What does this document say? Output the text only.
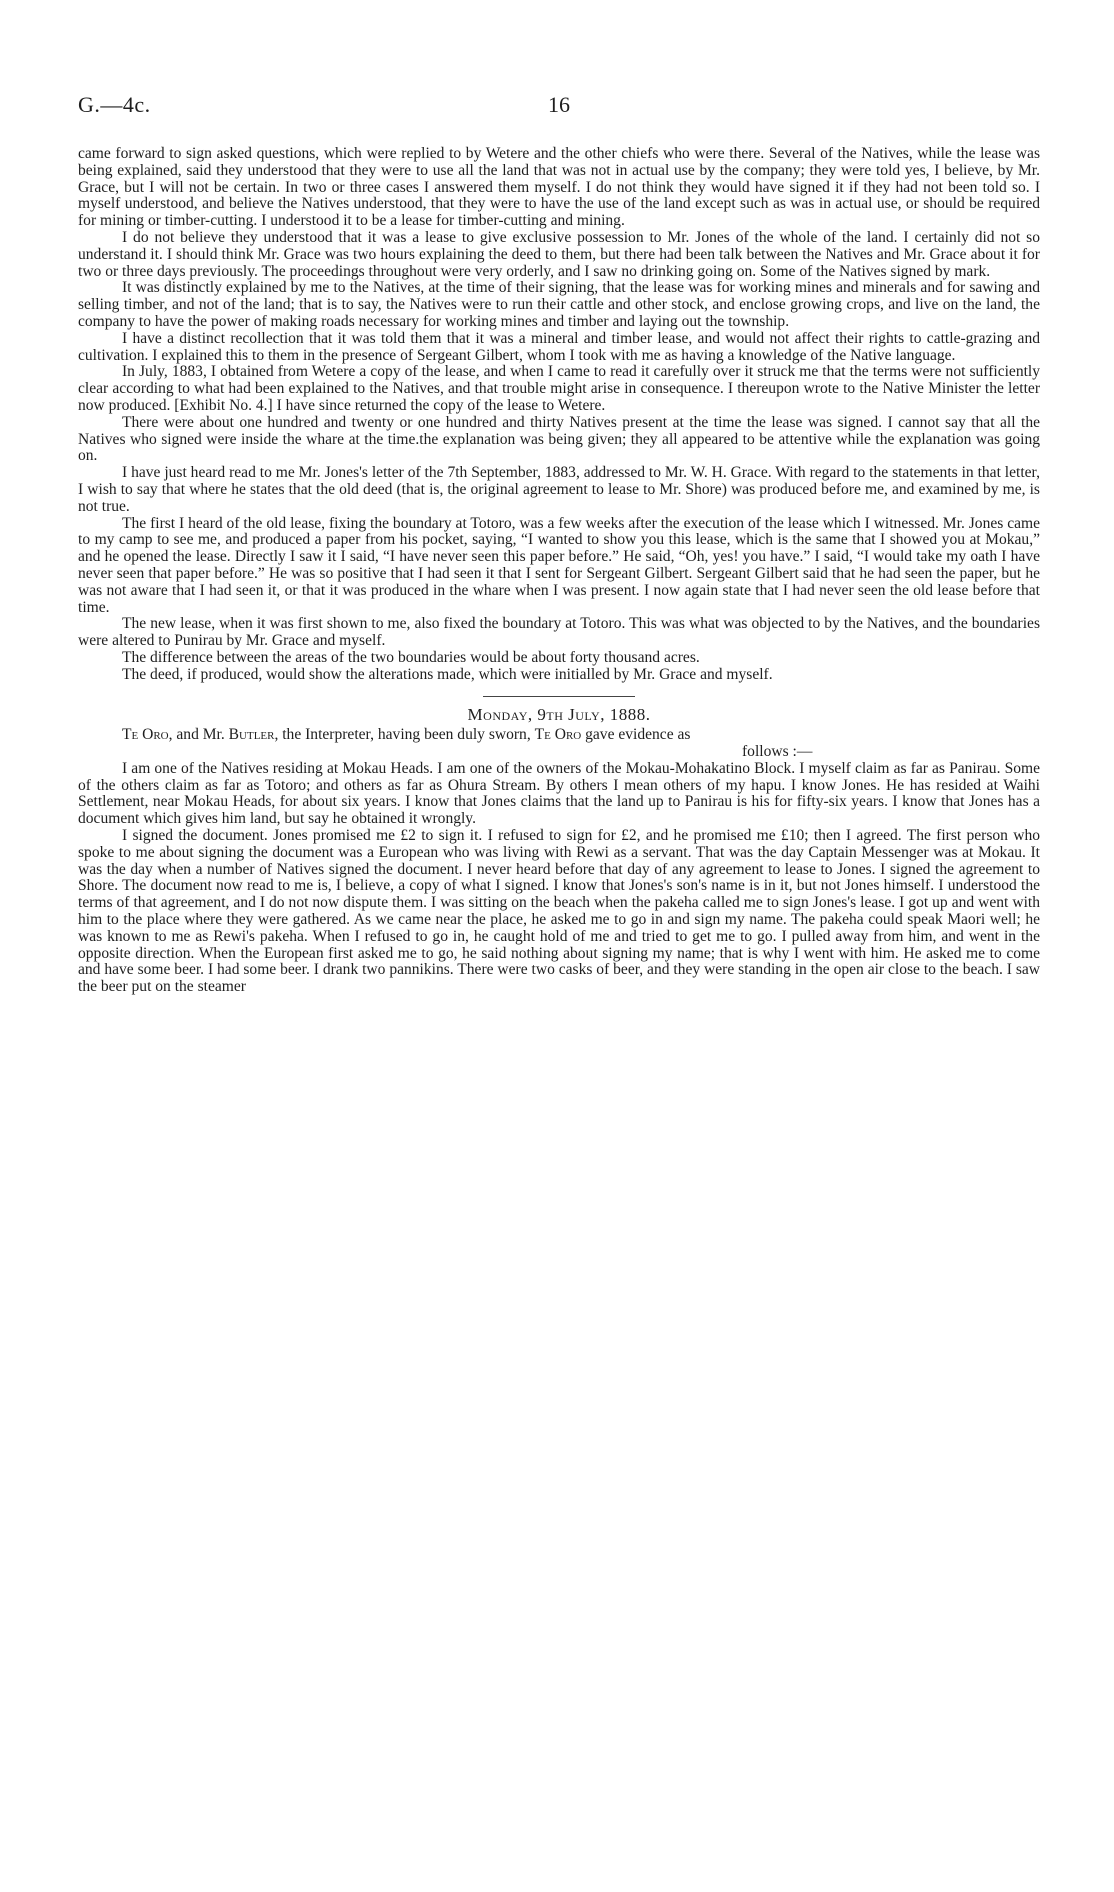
G.—4c.	16

came forward to sign asked questions, which were replied to by Wetere and the other chiefs who were there. Several of the Natives, while the lease was being explained, said they understood that they were to use all the land that was not in actual use by the company; they were told yes, I believe, by Mr. Grace, but I will not be certain. In two or three cases I answered them myself. I do not think they would have signed it if they had not been told so. I myself understood, and believe the Natives understood, that they were to have the use of the land except such as was in actual use, or should be required for mining or timber-cutting. I understood it to be a lease for timber-cutting and mining.

I do not believe they understood that it was a lease to give exclusive possession to Mr. Jones of the whole of the land. I certainly did not so understand it. I should think Mr. Grace was two hours explaining the deed to them, but there had been talk between the Natives and Mr. Grace about it for two or three days previously. The proceedings throughout were very orderly, and I saw no drinking going on. Some of the Natives signed by mark.

It was distinctly explained by me to the Natives, at the time of their signing, that the lease was for working mines and minerals and for sawing and selling timber, and not of the land; that is to say, the Natives were to run their cattle and other stock, and enclose growing crops, and live on the land, the company to have the power of making roads necessary for working mines and timber and laying out the township.

I have a distinct recollection that it was told them that it was a mineral and timber lease, and would not affect their rights to cattle-grazing and cultivation. I explained this to them in the presence of Sergeant Gilbert, whom I took with me as having a knowledge of the Native language.

In July, 1883, I obtained from Wetere a copy of the lease, and when I came to read it carefully over it struck me that the terms were not sufficiently clear according to what had been explained to the Natives, and that trouble might arise in consequence. I thereupon wrote to the Native Minister the letter now produced. [Exhibit No. 4.] I have since returned the copy of the lease to Wetere.

There were about one hundred and twenty or one hundred and thirty Natives present at the time the lease was signed. I cannot say that all the Natives who signed were inside the whare at the time.the explanation was being given; they all appeared to be attentive while the explanation was going on.

I have just heard read to me Mr. Jones's letter of the 7th September, 1883, addressed to Mr. W. H. Grace. With regard to the statements in that letter, I wish to say that where he states that the old deed (that is, the original agreement to lease to Mr. Shore) was produced before me, and examined by me, is not true.

The first I heard of the old lease, fixing the boundary at Totoro, was a few weeks after the execution of the lease which I witnessed. Mr. Jones came to my camp to see me, and produced a paper from his pocket, saying, “I wanted to show you this lease, which is the same that I showed you at Mokau,” and he opened the lease. Directly I saw it I said, “I have never seen this paper before.” He said, “Oh, yes! you have.” I said, “I would take my oath I have never seen that paper before.” He was so positive that I had seen it that I sent for Sergeant Gilbert. Sergeant Gilbert said that he had seen the paper, but he was not aware that I had seen it, or that it was produced in the whare when I was present. I now again state that I had never seen the old lease before that time.

The new lease, when it was first shown to me, also fixed the boundary at Totoro. This was what was objected to by the Natives, and the boundaries were altered to Punirau by Mr. Grace and myself.

The difference between the areas of the two boundaries would be about forty thousand acres.

The deed, if produced, would show the alterations made, which were initialled by Mr. Grace and myself.

Monday, 9th July, 1888.

Te Oro, and Mr. Butler, the Interpreter, having been duly sworn, Te Oro gave evidence as

follows :—

I am one of the Natives residing at Mokau Heads. I am one of the owners of the Mokau-Mohakatino Block. I myself claim as far as Panirau. Some of the others claim as far as Totoro; and others as far as Ohura Stream. By others I mean others of my hapu. I know Jones. He has resided at Waihi Settlement, near Mokau Heads, for about six years. I know that Jones claims that the land up to Panirau is his for fifty-six years. I know that Jones has a document which gives him land, but say he obtained it wrongly.

I signed the document. Jones promised me £2 to sign it. I refused to sign for £2, and he promised me £10; then I agreed. The first person who spoke to me about signing the document was a European who was living with Rewi as a servant. That was the day Captain Messenger was at Mokau. It was the day when a number of Natives signed the document. I never heard before that day of any agreement to lease to Jones. I signed the agreement to Shore. The document now read to me is, I believe, a copy of what I signed. I know that Jones's son's name is in it, but not Jones himself. I understood the terms of that agreement, and I do not now dispute them. I was sitting on the beach when the pakeha called me to sign Jones's lease. I got up and went with him to the place where they were gathered. As we came near the place, he asked me to go in and sign my name. The pakeha could speak Maori well; he was known to me as Rewi's pakeha. When I refused to go in, he caught hold of me and tried to get me to go. I pulled away from him, and went in the opposite direction. When the European first asked me to go, he said nothing about signing my name; that is why I went with him. He asked me to come and have some beer. I had some beer. I drank two pannikins. There were two casks of beer, and they were standing in the open air close to the beach. I saw the beer put on the steamer
